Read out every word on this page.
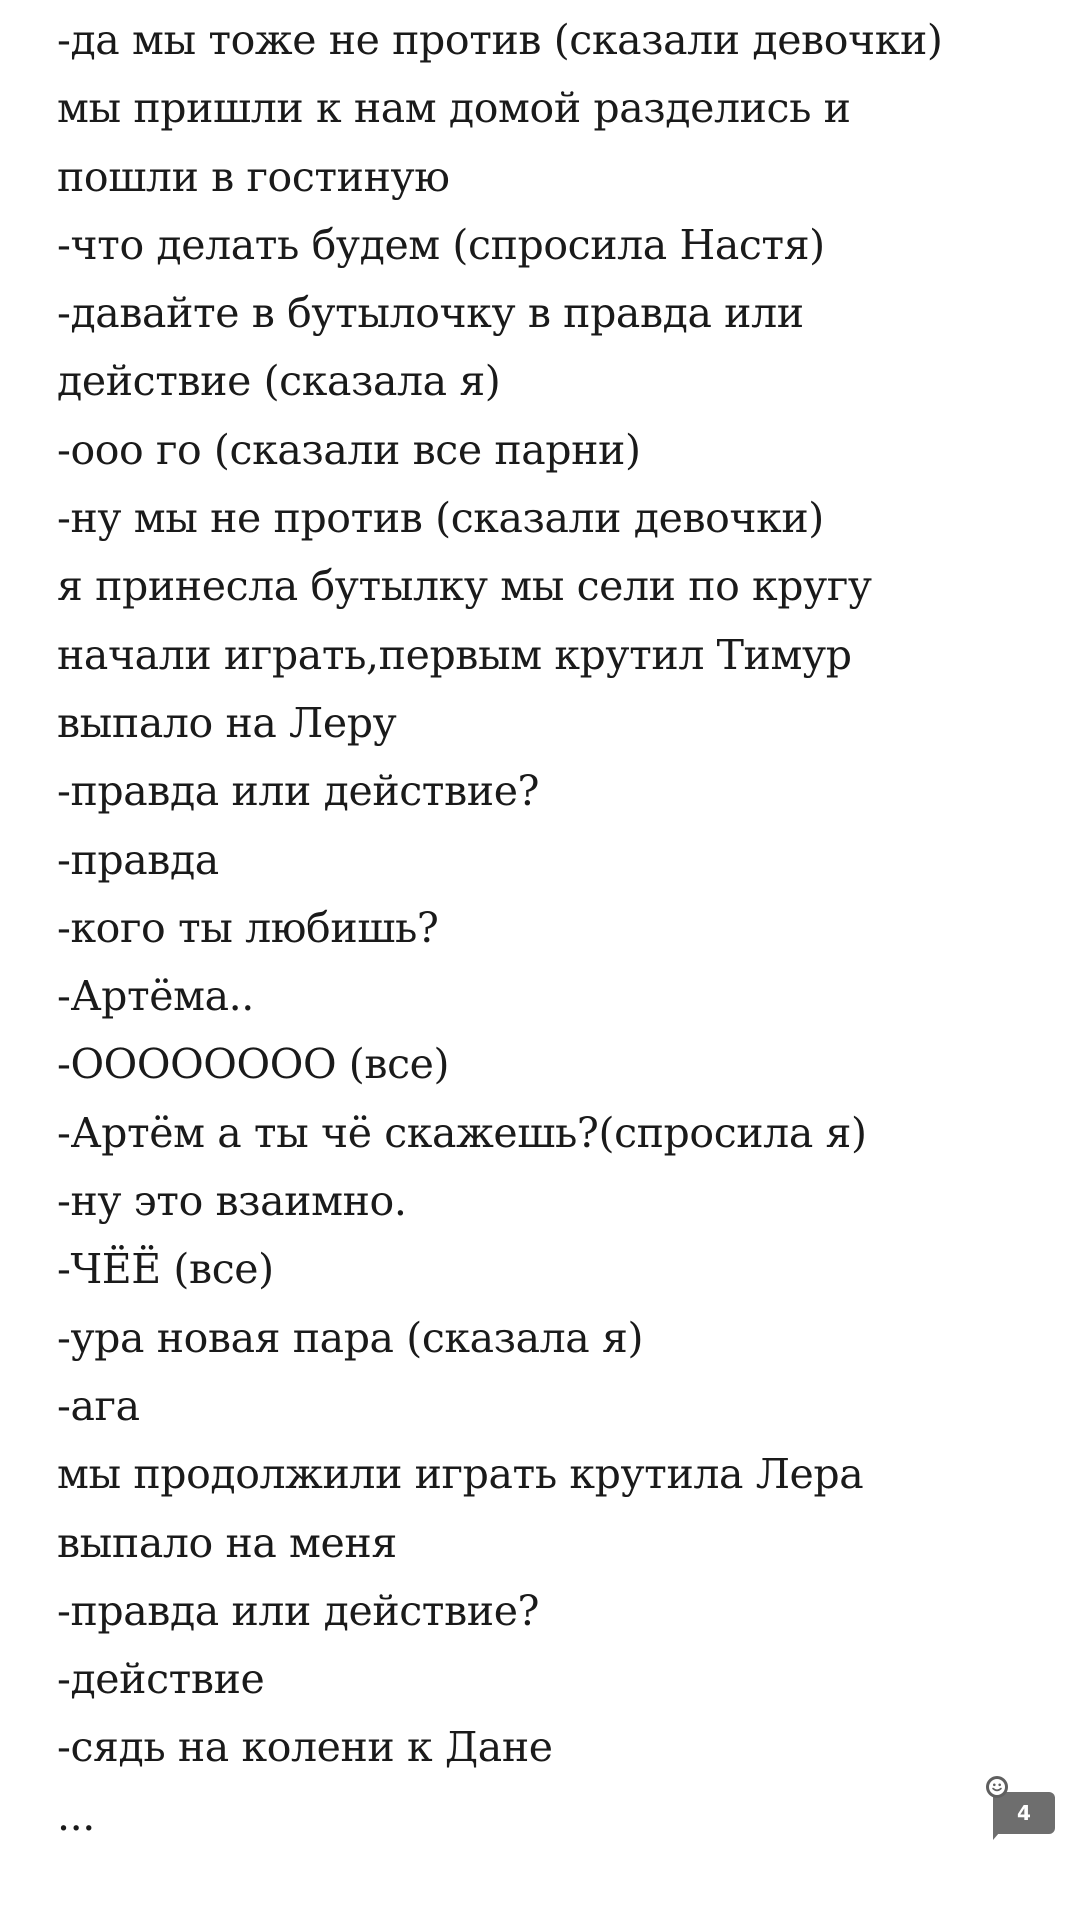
-да мы тоже не против (сказали девочки)
мы пришли к нам домой разделись и
пошли в гостиную
-что делать будем (спросила Настя)
-давайте в бутылочку в правда или
действие (сказала я)
-ооо го (сказали все парни)
-ну мы не против (сказали девочки)
я принесла бутылку мы сели по кругу
начали играть,первым крутил Тимур
выпало на Леру
-правда или действие?
-правда
-кого ты любишь?
-Артёма..
-ОООООООО (все)
-Артём а ты чё скажешь?(спросила я)
-ну это взаимно.
-ЧЁЁ (все)
-ура новая пара (сказала я)
-ага
мы продолжили играть крутила Лера
выпало на меня
-правда или действие?
-действие
-сядь на колени к Дане
...	4
